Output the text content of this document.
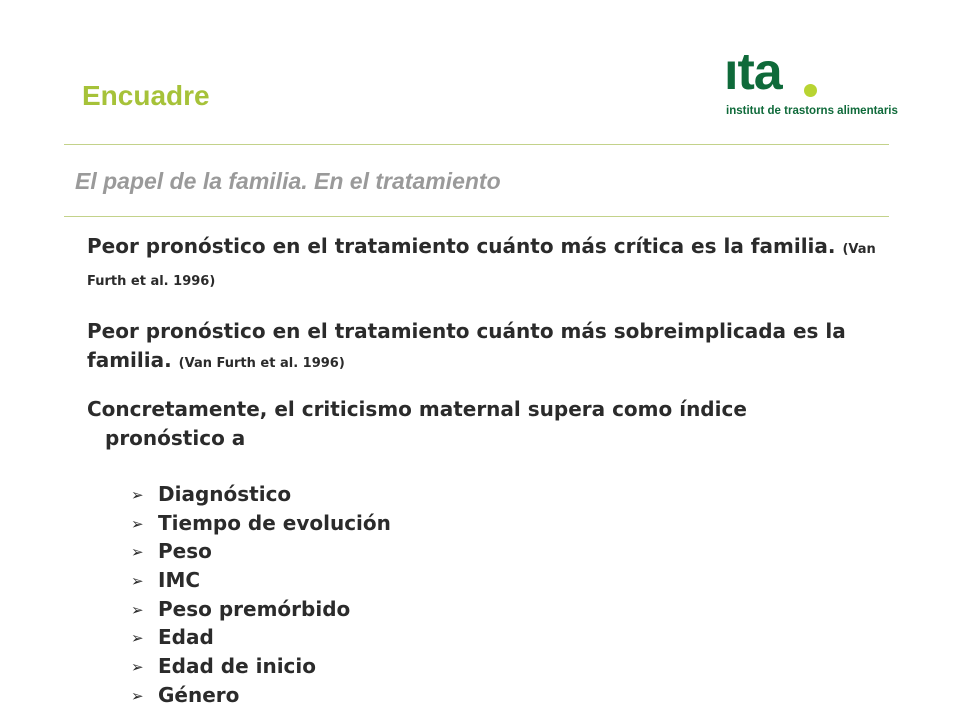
Encuadre	ıta
institut de trastorns alimentaris
El papel de la familia. En el tratamiento

Peor pronóstico en el tratamiento cuánto más crítica es la familia. (Van Furth et al. 1996)

Peor pronóstico en el tratamiento cuánto más sobreimplicada es la familia. (Van Furth et al. 1996)

Concretamente, el criticismo maternal supera como índice
pronóstico a

➢ Diagnóstico
➢ Tiempo de evolución
➢ Peso
➢ IMC
➢ Peso premórbido
➢ Edad
➢ Edad de inicio
➢ Género
